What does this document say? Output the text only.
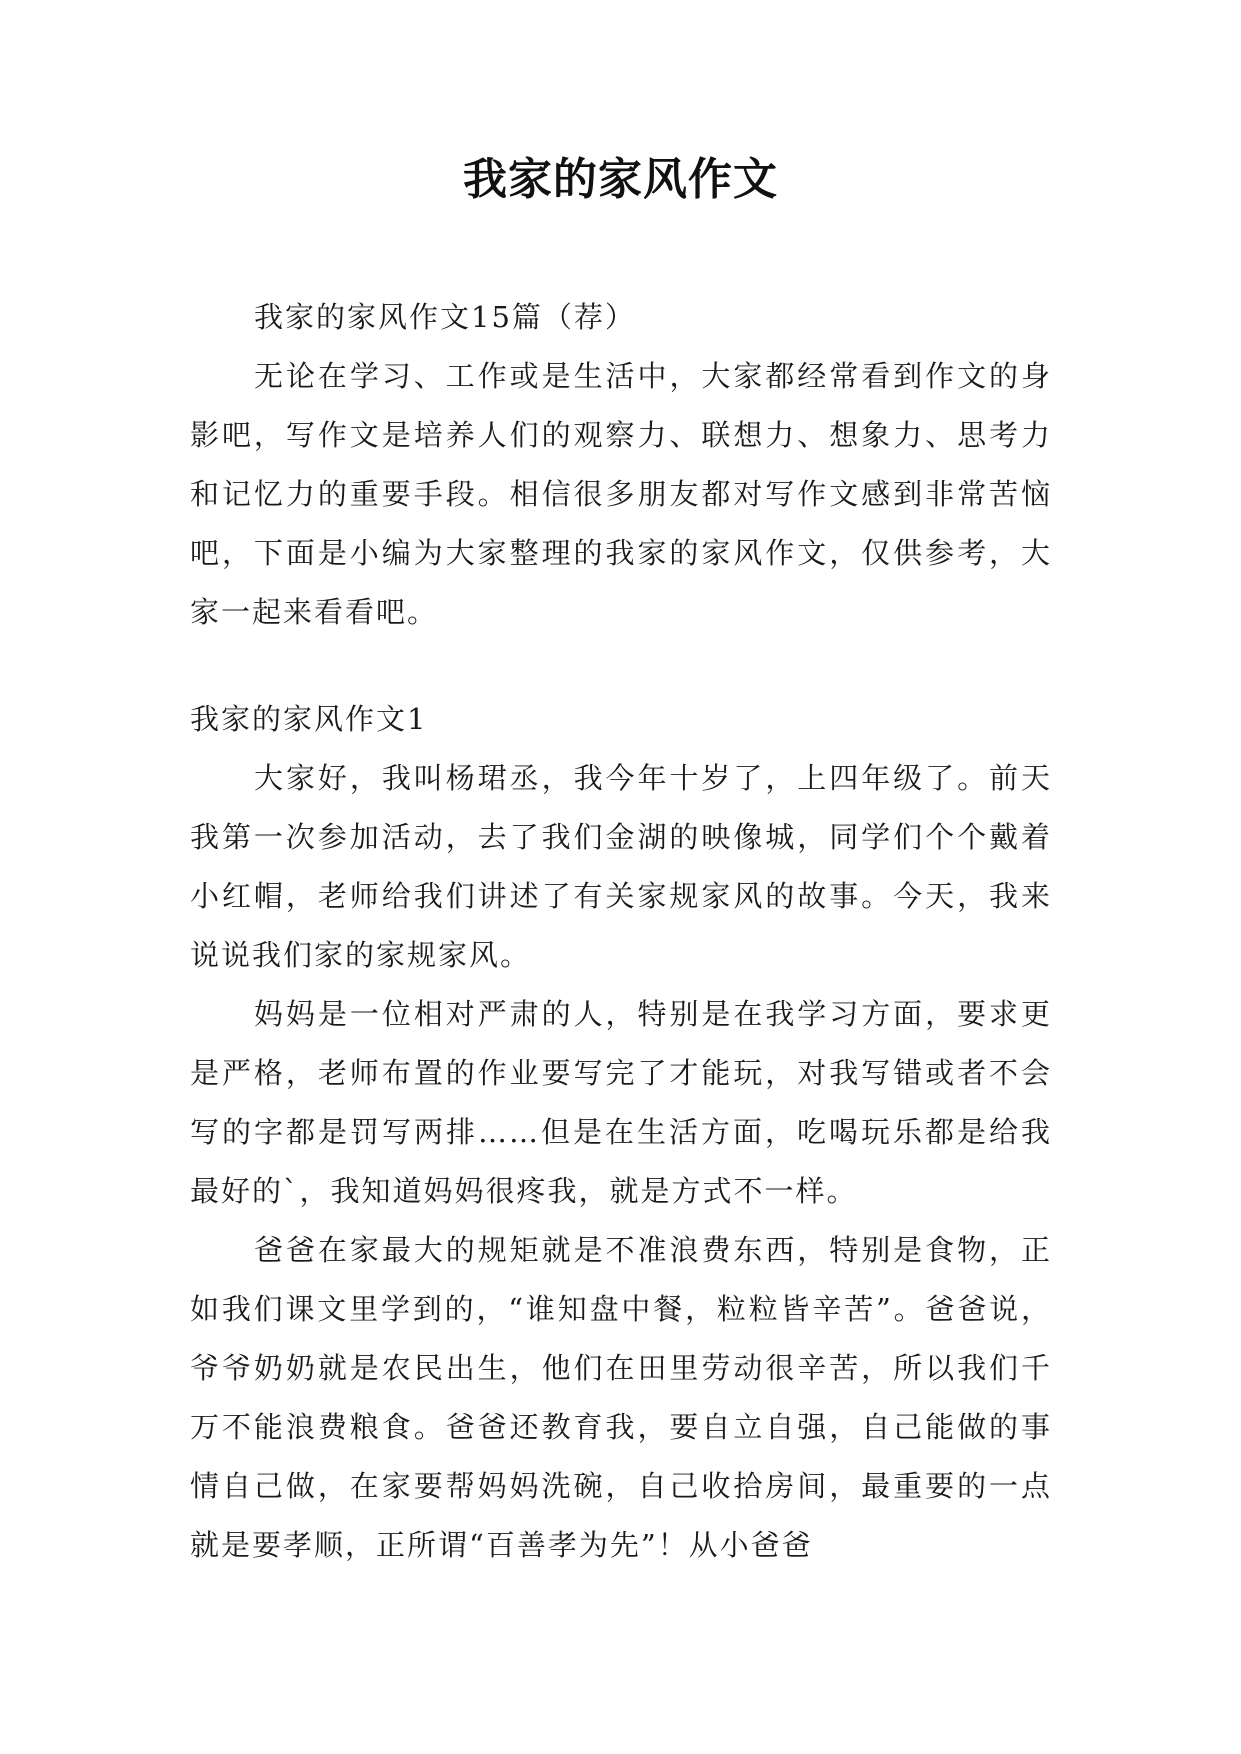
我家的家风作文

我家的家风作文15篇（荐）

无论在学习、工作或是生活中，大家都经常看到作文的身影吧，写作文是培养人们的观察力、联想力、想象力、思考力和记忆力的重要手段。相信很多朋友都对写作文感到非常苦恼吧，下面是小编为大家整理的我家的家风作文，仅供参考，大家一起来看看吧。

我家的家风作文1

大家好，我叫杨珺丞，我今年十岁了，上四年级了。前天我第一次参加活动，去了我们金湖的映像城，同学们个个戴着小红帽，老师给我们讲述了有关家规家风的故事。今天，我来说说我们家的家规家风。

妈妈是一位相对严肃的人，特别是在我学习方面，要求更是严格，老师布置的作业要写完了才能玩，对我写错或者不会写的字都是罚写两排……但是在生活方面，吃喝玩乐都是给我最好的`，我知道妈妈很疼我，就是方式不一样。

爸爸在家最大的规矩就是不准浪费东西，特别是食物，正如我们课文里学到的，“谁知盘中餐，粒粒皆辛苦”。爸爸说，爷爷奶奶就是农民出生，他们在田里劳动很辛苦，所以我们千万不能浪费粮食。爸爸还教育我，要自立自强，自己能做的事情自己做，在家要帮妈妈洗碗，自己收拾房间，最重要的一点就是要孝顺，正所谓“百善孝为先”！从小爸爸
